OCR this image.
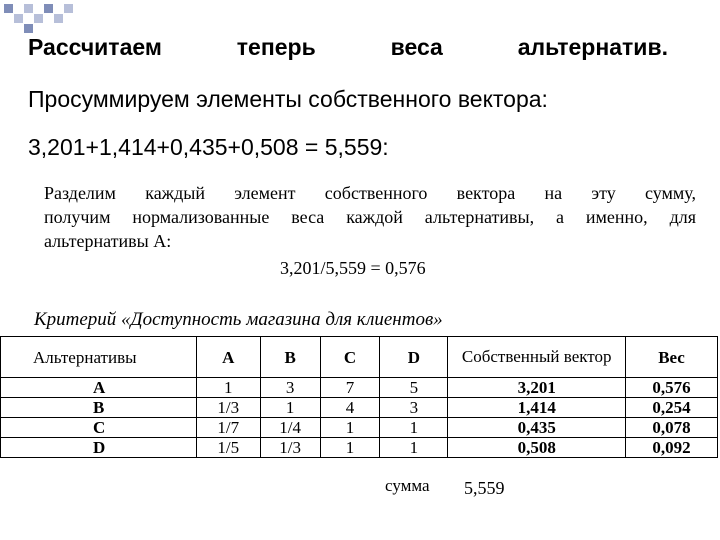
Рассчитаем	теперь	веса	альтернатив.
Просуммируем элементы собственного вектора:
3,201+1,414+0,435+0,508 = 5,559:
Разделим каждый элемент собственного вектора на эту сумму,
получим нормализованные веса каждой альтернативы, а именно, для
альтернативы А:
3,201/5,559 = 0,576
Критерий «Доступность магазина для клиентов»
Альтернативы	А	В	С	D	Собственный вектор	Вес
А	1	3	7	5	3,201	0,576
В	1/3	1	4	3	1,414	0,254
С	1/7	1/4	1	1	0,435	0,078
D	1/5	1/3	1	1	0,508	0,092
сумма 5,559
